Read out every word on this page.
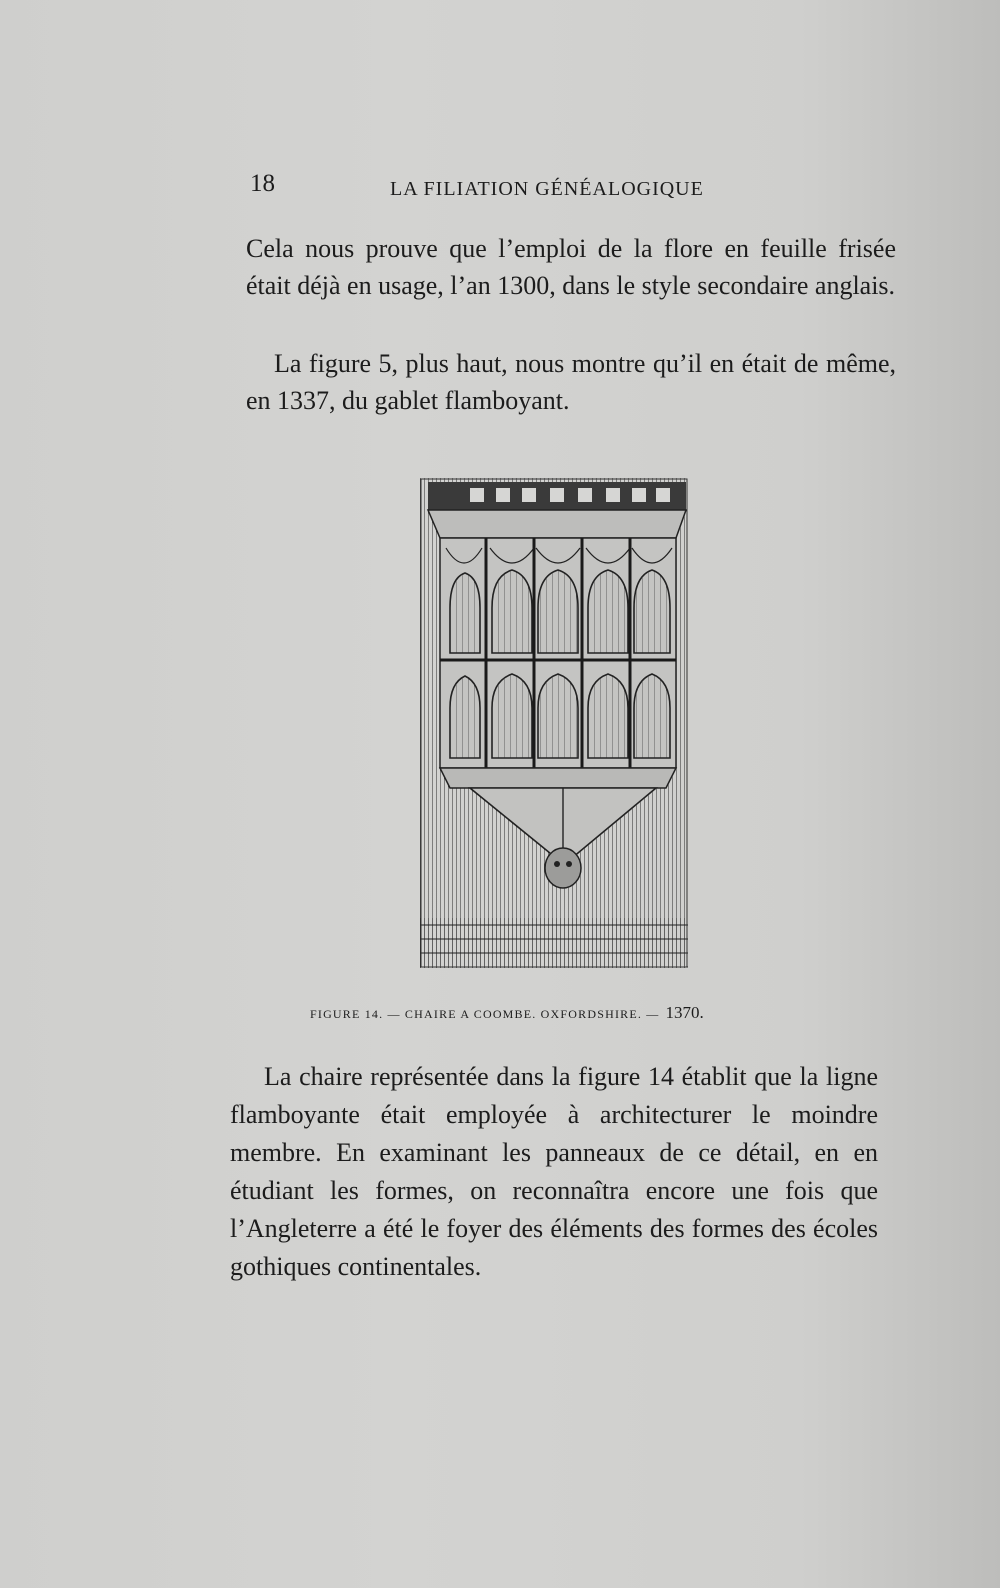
18	LA FILIATION GÉNÉALOGIQUE

Cela nous prouve que l’emploi de la flore en feuille frisée était déjà en usage, l’an 1300, dans le style secondaire anglais.

La figure 5, plus haut, nous montre qu’il en était de même, en 1337, du gablet flamboyant.

FIGURE 14. — CHAIRE A COOMBE. OXFORDSHIRE. — 1370.

La chaire représentée dans la figure 14 établit que la ligne flamboyante était employée à architecturer le moindre membre. En examinant les panneaux de ce détail, en en étudiant les formes, on reconnaîtra encore une fois que l’Angleterre a été le foyer des éléments des formes des écoles gothiques continentales.
